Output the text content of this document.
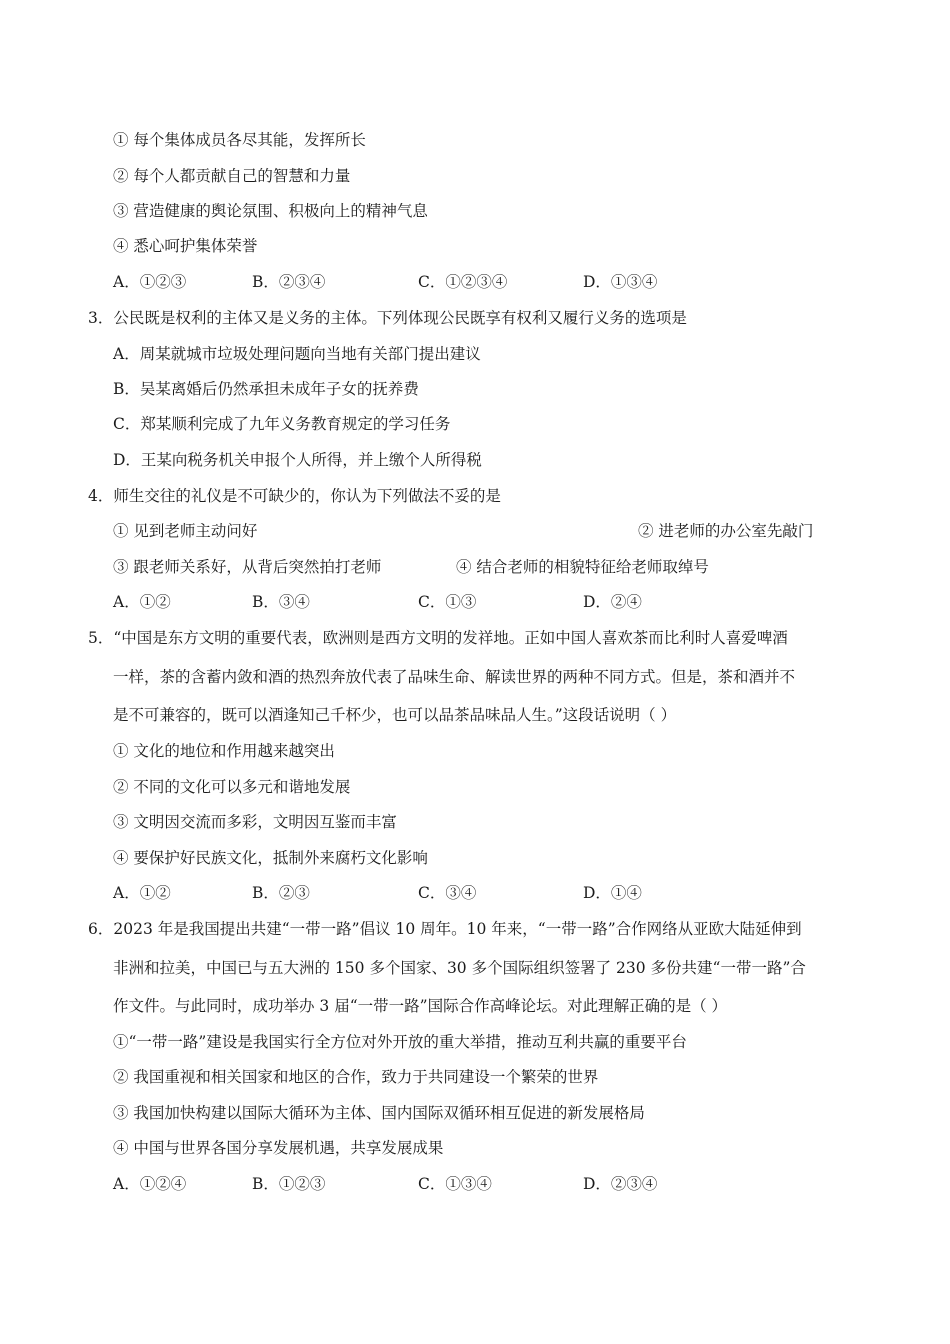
① 每个集体成员各尽其能，发挥所长
② 每个人都贡献自己的智慧和力量
③ 营造健康的舆论氛围、积极向上的精神气息
④ 悉心呵护集体荣誉
A．①②③	B．②③④	C．①②③④	D．①③④
3．公民既是权利的主体又是义务的主体。下列体现公民既享有权利又履行义务的选项是
A．周某就城市垃圾处理问题向当地有关部门提出建议
B．吴某离婚后仍然承担未成年子女的抚养费
C．郑某顺利完成了九年义务教育规定的学习任务
D．王某向税务机关申报个人所得，并上缴个人所得税
4．师生交往的礼仪是不可缺少的，你认为下列做法不妥的是
① 见到老师主动问好	② 进老师的办公室先敲门
③ 跟老师关系好，从背后突然拍打老师	④ 结合老师的相貌特征给老师取绰号
A．①②	B．③④	C．①③	D．②④
5．“中国是东方文明的重要代表，欧洲则是西方文明的发祥地。正如中国人喜欢茶而比利时人喜爱啤酒
一样，茶的含蓄内敛和酒的热烈奔放代表了品味生命、解读世界的两种不同方式。但是，茶和酒并不
是不可兼容的，既可以酒逢知己千杯少，也可以品茶品味品人生。”这段话说明（ ）
① 文化的地位和作用越来越突出
② 不同的文化可以多元和谐地发展
③ 文明因交流而多彩，文明因互鉴而丰富
④ 要保护好民族文化，抵制外来腐朽文化影响
A．①②	B．②③	C．③④	D．①④
6．2023 年是我国提出共建“一带一路”倡议 10 周年。10 年来，“一带一路”合作网络从亚欧大陆延伸到
非洲和拉美，中国已与五大洲的 150 多个国家、30 多个国际组织签署了 230 多份共建“一带一路”合
作文件。与此同时，成功举办 3 届“一带一路”国际合作高峰论坛。对此理解正确的是（ ）
①“一带一路”建设是我国实行全方位对外开放的重大举措，推动互利共赢的重要平台
② 我国重视和相关国家和地区的合作，致力于共同建设一个繁荣的世界
③ 我国加快构建以国际大循环为主体、国内国际双循环相互促进的新发展格局
④ 中国与世界各国分享发展机遇，共享发展成果
A．①②④	B．①②③	C．①③④	D．②③④
